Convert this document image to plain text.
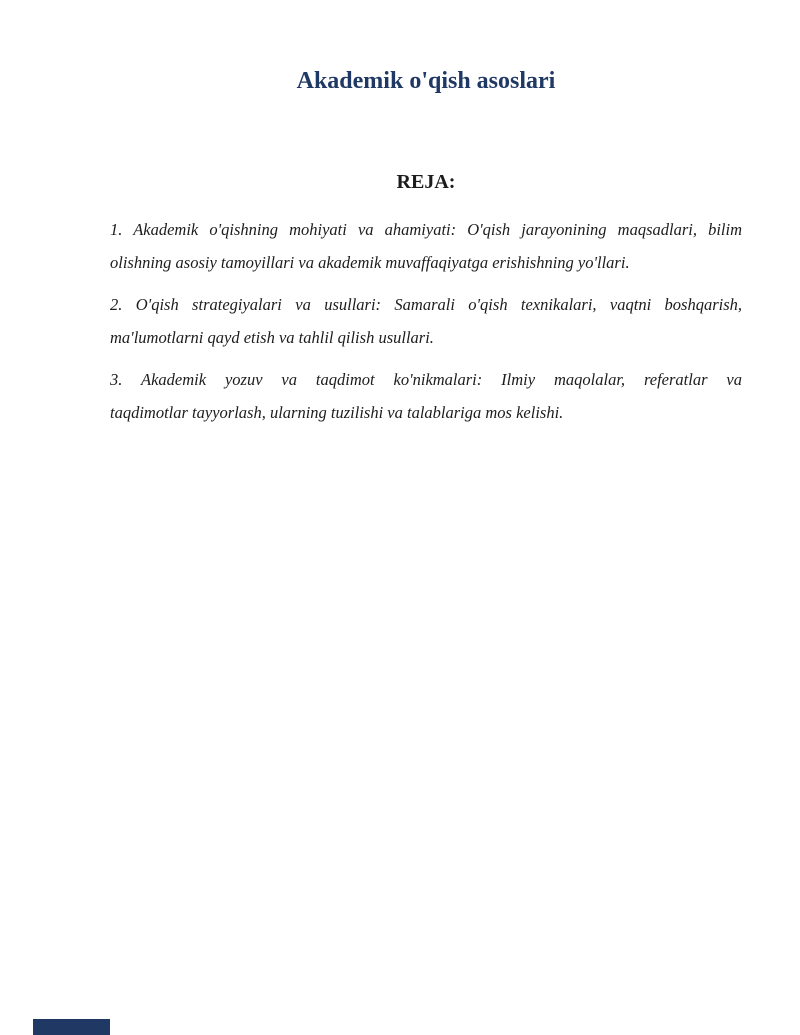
Akademik o'qish asoslari
REJA:

1. Akademik o'qishning mohiyati va ahamiyati: O'qish jarayonining maqsadlari, bilim
olishning asosiy tamoyillari va akademik muvaffaqiyatga erishishning yo'llari.

2. O'qish strategiyalari va usullari: Samarali o'qish texnikalari, vaqtni boshqarish,
ma'lumotlarni qayd etish va tahlil qilish usullari.

3. Akademik yozuv va taqdimot ko'nikmalari: Ilmiy maqolalar, referatlar va
taqdimotlar tayyorlash, ularning tuzilishi va talablariga mos kelishi.
